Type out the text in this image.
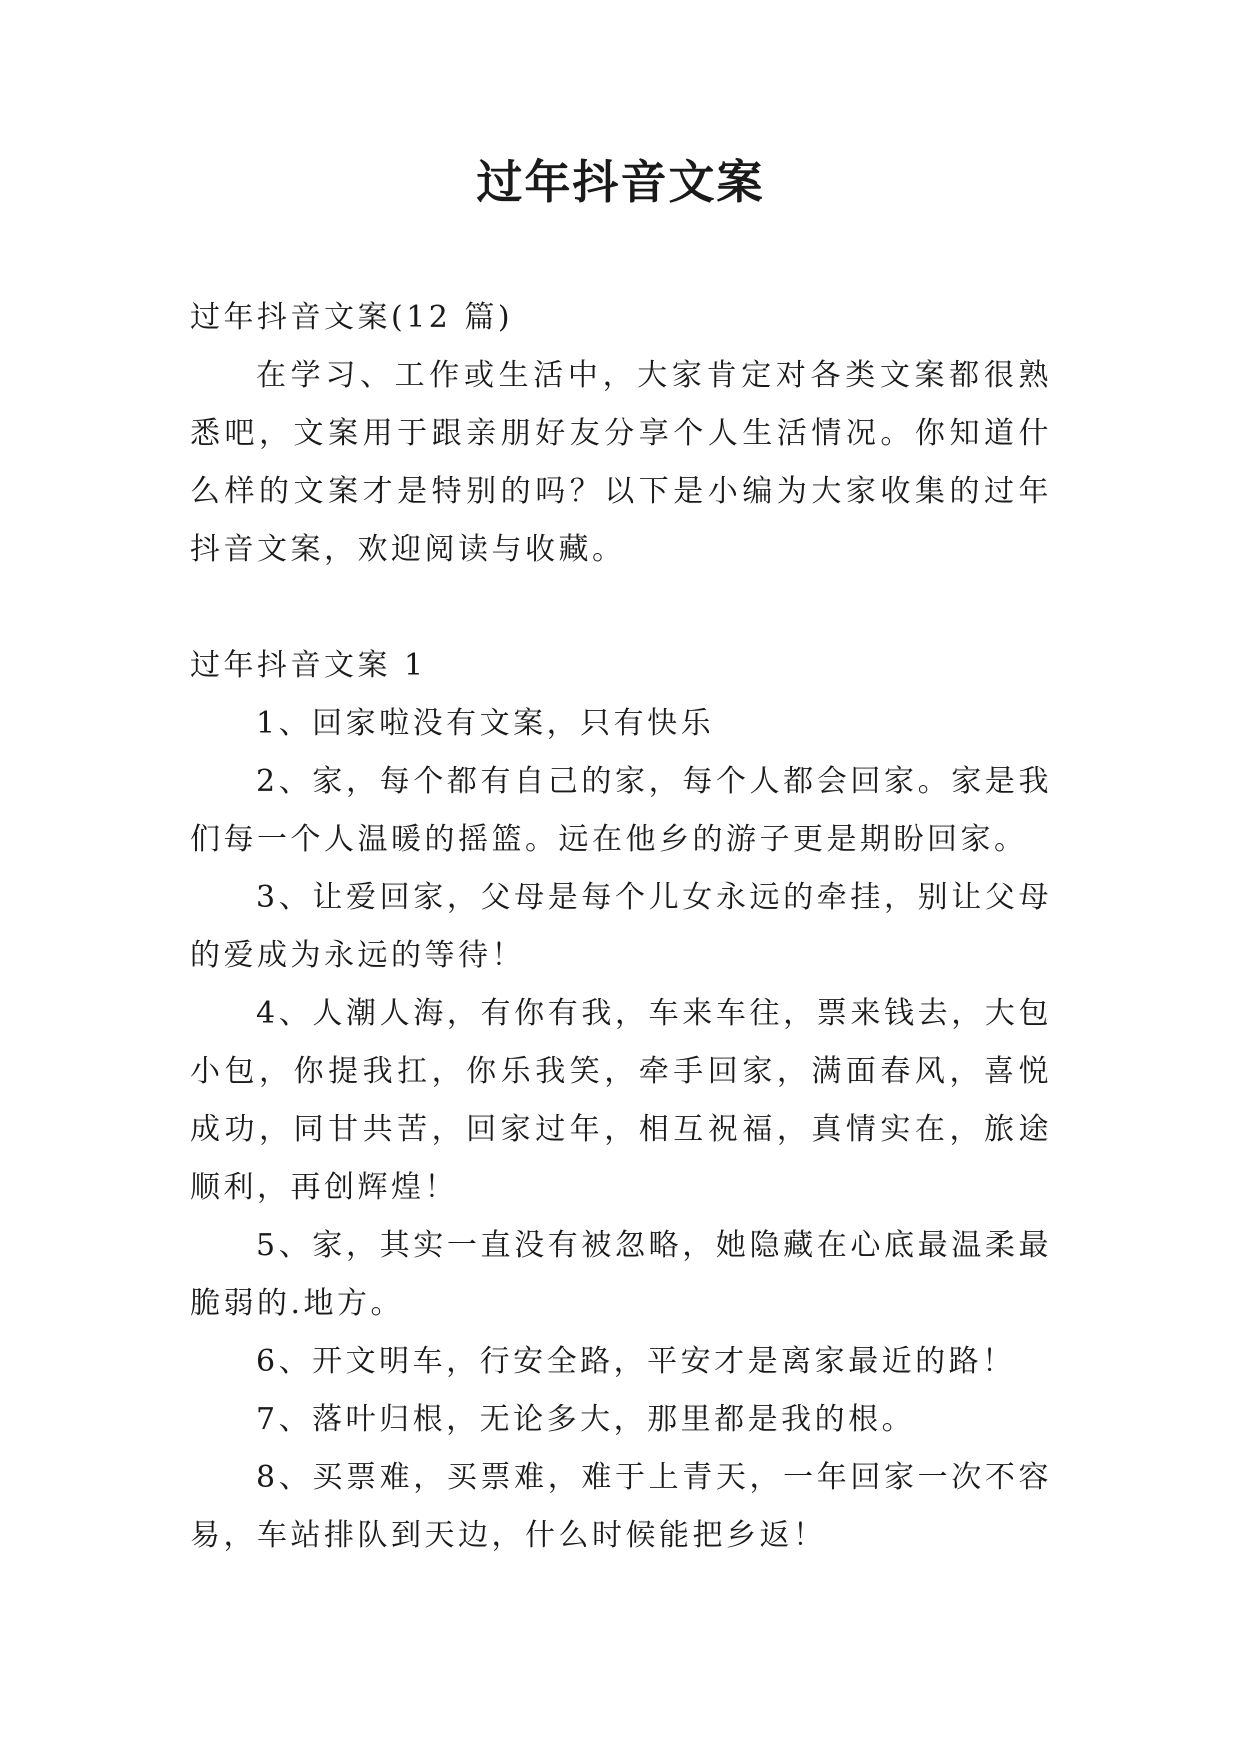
过年抖音文案

过年抖音文案(12 篇)

在学习、工作或生活中，大家肯定对各类文案都很熟悉吧，文案用于跟亲朋好友分享个人生活情况。你知道什么样的文案才是特别的吗？以下是小编为大家收集的过年抖音文案，欢迎阅读与收藏。

过年抖音文案 1

1、回家啦没有文案，只有快乐

2、家，每个都有自己的家，每个人都会回家。家是我们每一个人温暖的摇篮。远在他乡的游子更是期盼回家。

3、让爱回家，父母是每个儿女永远的牵挂，别让父母的爱成为永远的等待！

4、人潮人海，有你有我，车来车往，票来钱去，大包小包，你提我扛，你乐我笑，牵手回家，满面春风，喜悦成功，同甘共苦，回家过年，相互祝福，真情实在，旅途顺利，再创辉煌！

5、家，其实一直没有被忽略，她隐藏在心底最温柔最脆弱的.地方。

6、开文明车，行安全路，平安才是离家最近的路！

7、落叶归根，无论多大，那里都是我的根。

8、买票难，买票难，难于上青天，一年回家一次不容易，车站排队到天边，什么时候能把乡返！
